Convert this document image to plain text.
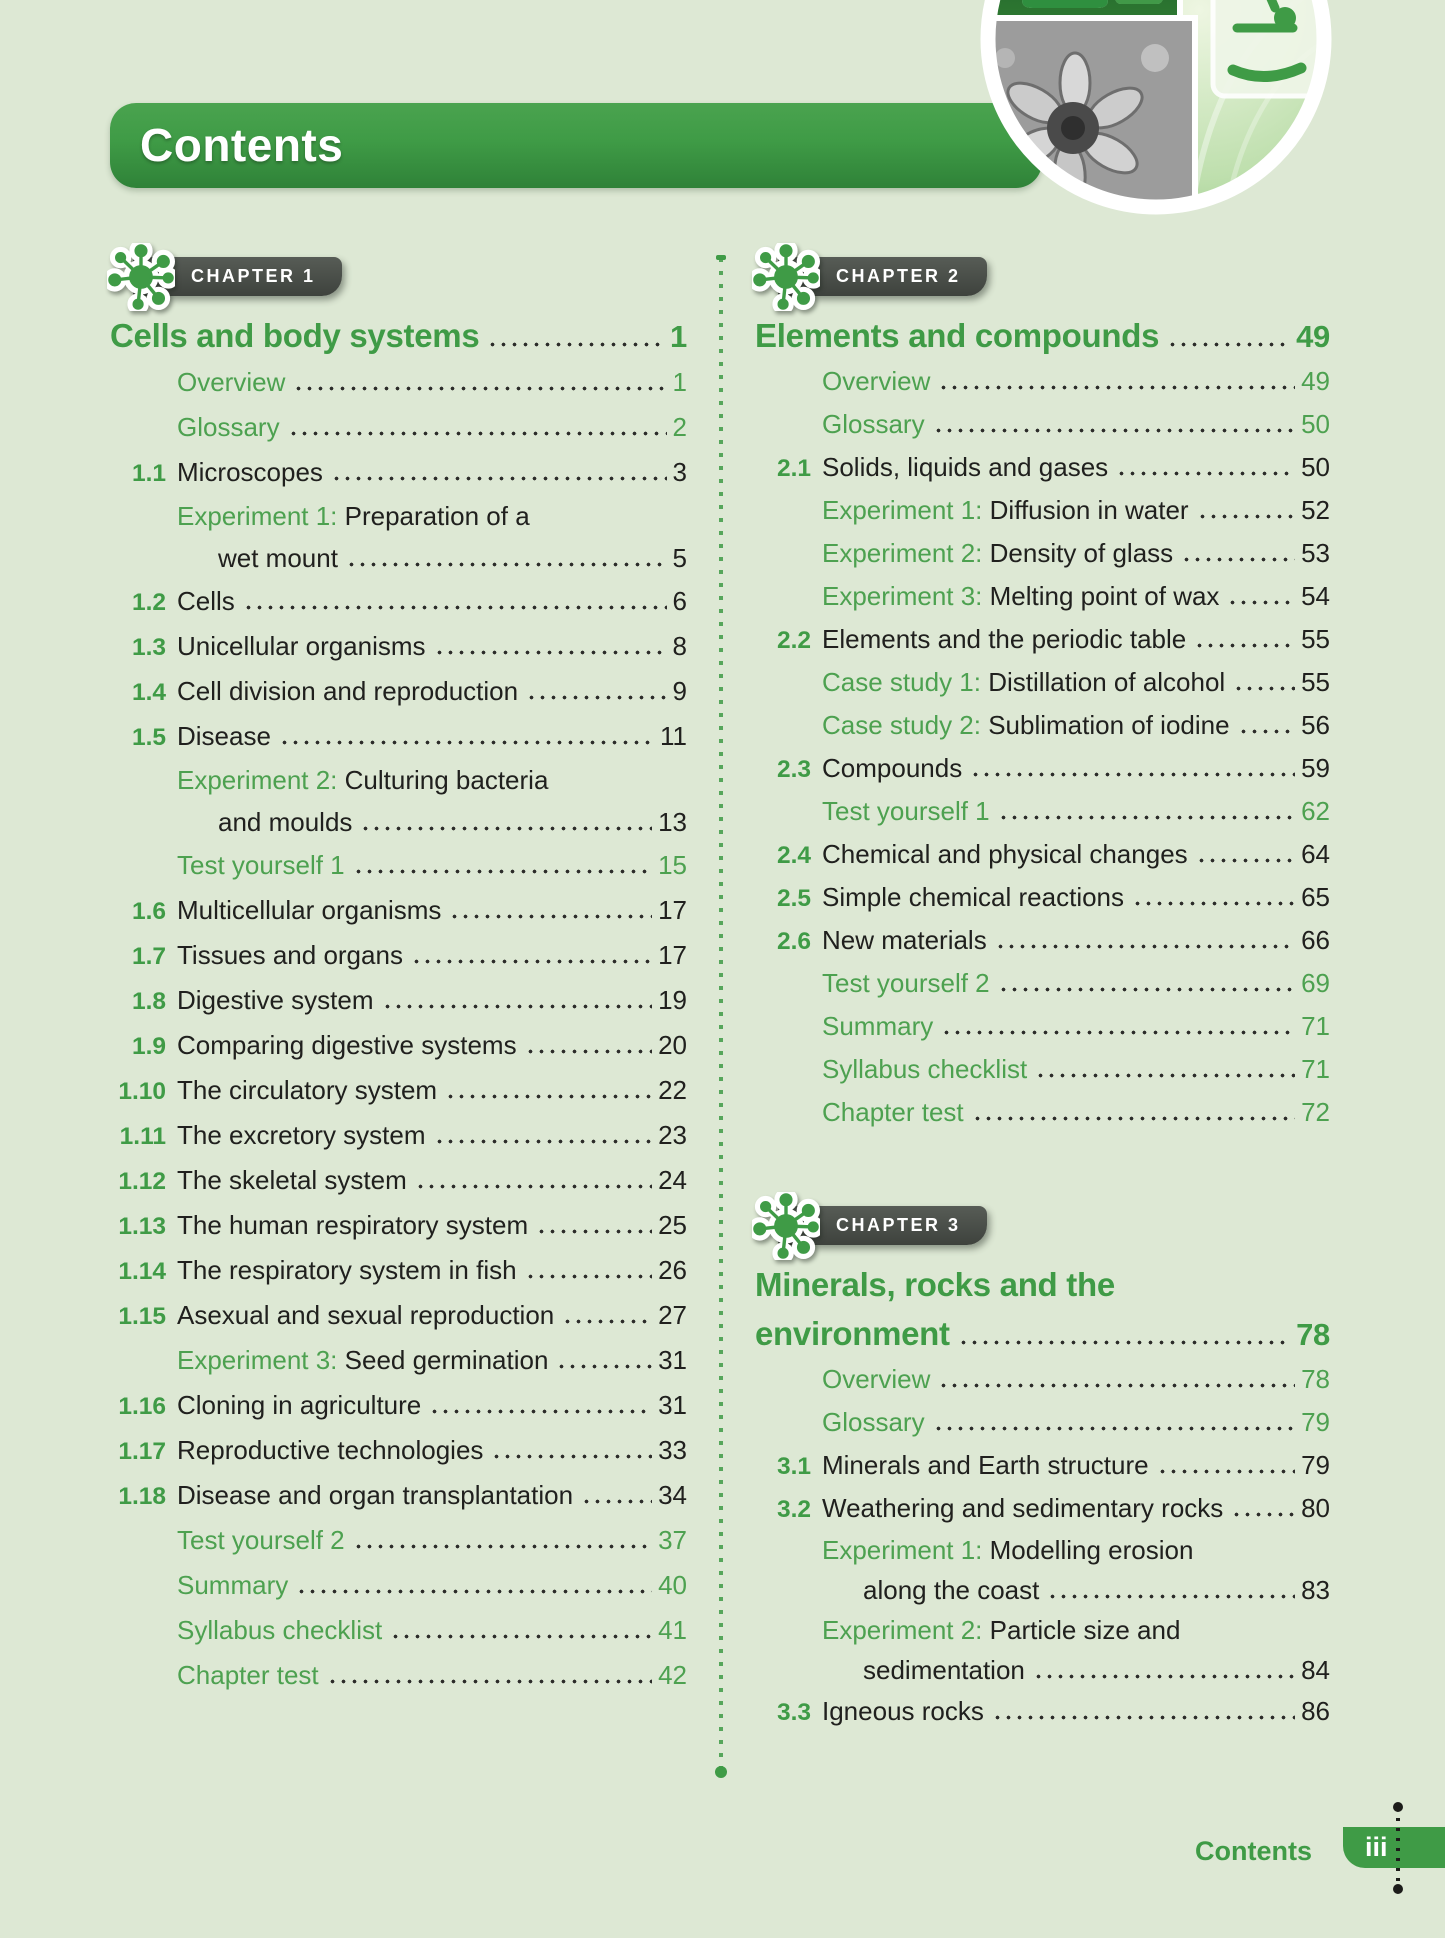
Contents
CHAPTER 1
Cells and body systems	1
Overview	1
Glossary	2
1.1 Microscopes	3
Experiment 1: Preparation of a
wet mount	5
1.2 Cells	6
1.3 Unicellular organisms	8
1.4 Cell division and reproduction	9
1.5 Disease	11
Experiment 2: Culturing bacteria
and moulds	13
Test yourself 1	15
1.6 Multicellular organisms	17
1.7 Tissues and organs	17
1.8 Digestive system	19
1.9 Comparing digestive systems	20
1.10 The circulatory system	22
1.11 The excretory system	23
1.12 The skeletal system	24
1.13 The human respiratory system	25
1.14 The respiratory system in fish	26
1.15 Asexual and sexual reproduction	27
Experiment 3: Seed germination	31
1.16 Cloning in agriculture	31
1.17 Reproductive technologies	33
1.18 Disease and organ transplantation	34
Test yourself 2	37
Summary	40
Syllabus checklist	41
Chapter test	42
CHAPTER 2
Elements and compounds	49
Overview	49
Glossary	50
2.1 Solids, liquids and gases	50
Experiment 1: Diffusion in water	52
Experiment 2: Density of glass	53
Experiment 3: Melting point of wax	54
2.2 Elements and the periodic table	55
Case study 1: Distillation of alcohol	55
Case study 2: Sublimation of iodine	56
2.3 Compounds	59
Test yourself 1	62
2.4 Chemical and physical changes	64
2.5 Simple chemical reactions	65
2.6 New materials	66
Test yourself 2	69
Summary	71
Syllabus checklist	71
Chapter test	72
CHAPTER 3
Minerals, rocks and the
environment	78
Overview	78
Glossary	79
3.1 Minerals and Earth structure	79
3.2 Weathering and sedimentary rocks	80
Experiment 1: Modelling erosion
along the coast	83
Experiment 2: Particle size and
sedimentation	84
3.3 Igneous rocks	86
Contents	iii
